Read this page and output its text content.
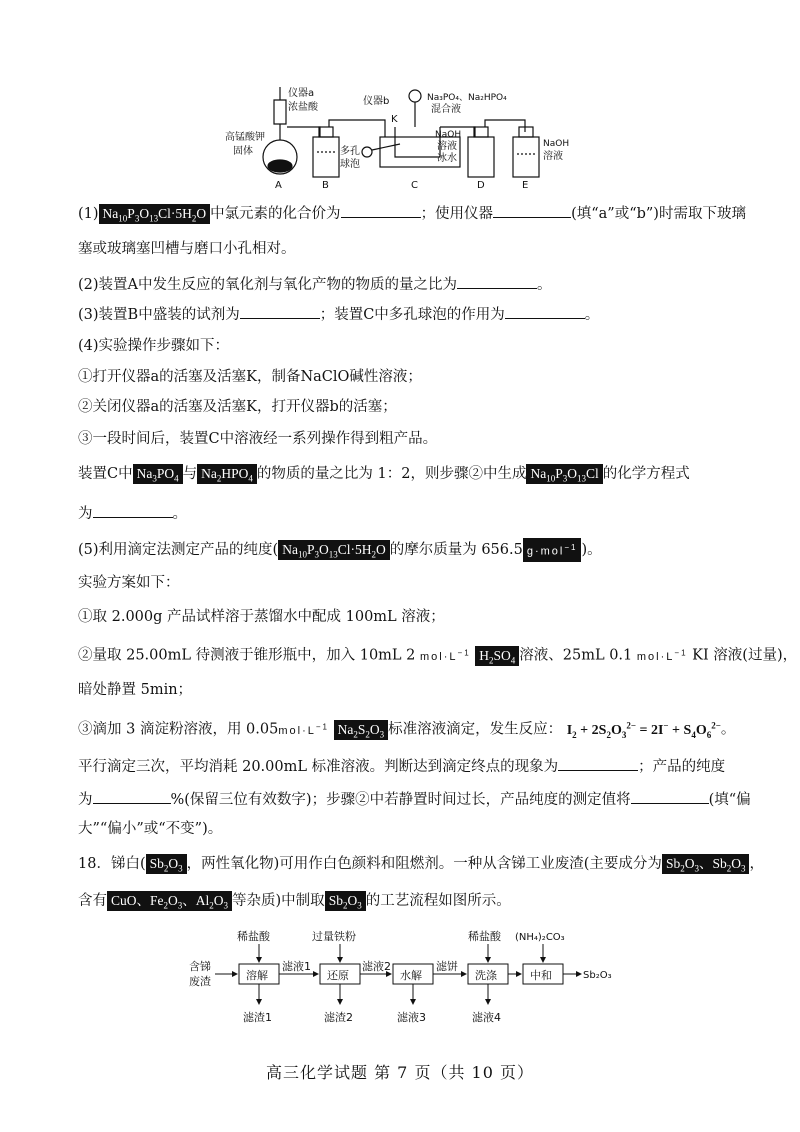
仪器a
浓盐酸
高锰酸钾
固体
仪器b	Na₃PO₄、Na₂HPO₄
混合液
K
NaOH
溶液
冰水
多孔
球泡
NaOH
溶液
A	B	C	D	E
(1) $Na_{10}P_3O_{13}Cl\cdot 5H_2O$ 中氯元素的化合价为	；使用仪器	(填“a”或“b”)时需取下玻璃
塞或玻璃塞凹槽与磨口小孔相对。
(2)装置A中发生反应的氧化剂与氧化产物的物质的量之比为	。
(3)装置B中盛装的试剂为	；装置C中多孔球泡的作用为	。
(4)实验操作步骤如下：
①打开仪器a的活塞及活塞K，制备NaClO碱性溶液；
②关闭仪器a的活塞及活塞K，打开仪器b的活塞；
③一段时间后，装置C中溶液经一系列操作得到粗产品。
装置C中 $Na_3PO_4$ 与 $Na_2HPO_4$ 的物质的量之比为 1：2，则步骤②中生成 $Na_{10}P_3O_{13}Cl$ 的化学方程式
为	。
(5)利用滴定法测定产品的纯度( $Na_{10}P_3O_{13}Cl\cdot 5H_2O$ 的摩尔质量为 656.5 g·mol$^{-1}$ )。
实验方案如下：
①取 2.000g 产品试样溶于蒸馏水中配成 100mL 溶液；
②量取 25.00mL 待测液于锥形瓶中，加入 10mL 2 $mol\cdot L^{-1}$ $H_2SO_4$ 溶液、25mL 0.1 $mol\cdot L^{-1}$ KI 溶液(过量)，
暗处静置 5min；
③滴加 3 滴淀粉溶液，用 $0.05mol\cdot L^{-1}$ $Na_2S_2O_3$ 标准溶液滴定，发生反应： $I_2 + 2S_2O_3^{2-} = 2I^- + S_4O_6^{2-}$。
平行滴定三次，平均消耗 20.00mL 标准溶液。判断达到滴定终点的现象为	；产品的纯度
为	%(保留三位有效数字)；步骤②中若静置时间过长，产品纯度的测定值将	(填“偏
大”“偏小”或“不变”)。
18．锑白( $Sb_2O_3$ ，两性氧化物)可用作白色颜料和阻燃剂。一种从含锑工业废渣(主要成分为 $Sb_2O_3$、$Sb_2O_3$ ，
含有 CuO、$Fe_2O_3$、$Al_2O_3$ 等杂质)中制取 $Sb_2O_3$ 的工艺流程如图所示。
含锑
废渣	溶解
稀盐酸
滤液1
滤渣1
还原
过量铁粉
滤液2
滤渣2
水解
滤饼
滤液3
洗涤
稀盐酸
滤液4
中和
(NH₄)₂CO₃
Sb₂O₃
高三化学试题 第 7 页（共 10 页）
